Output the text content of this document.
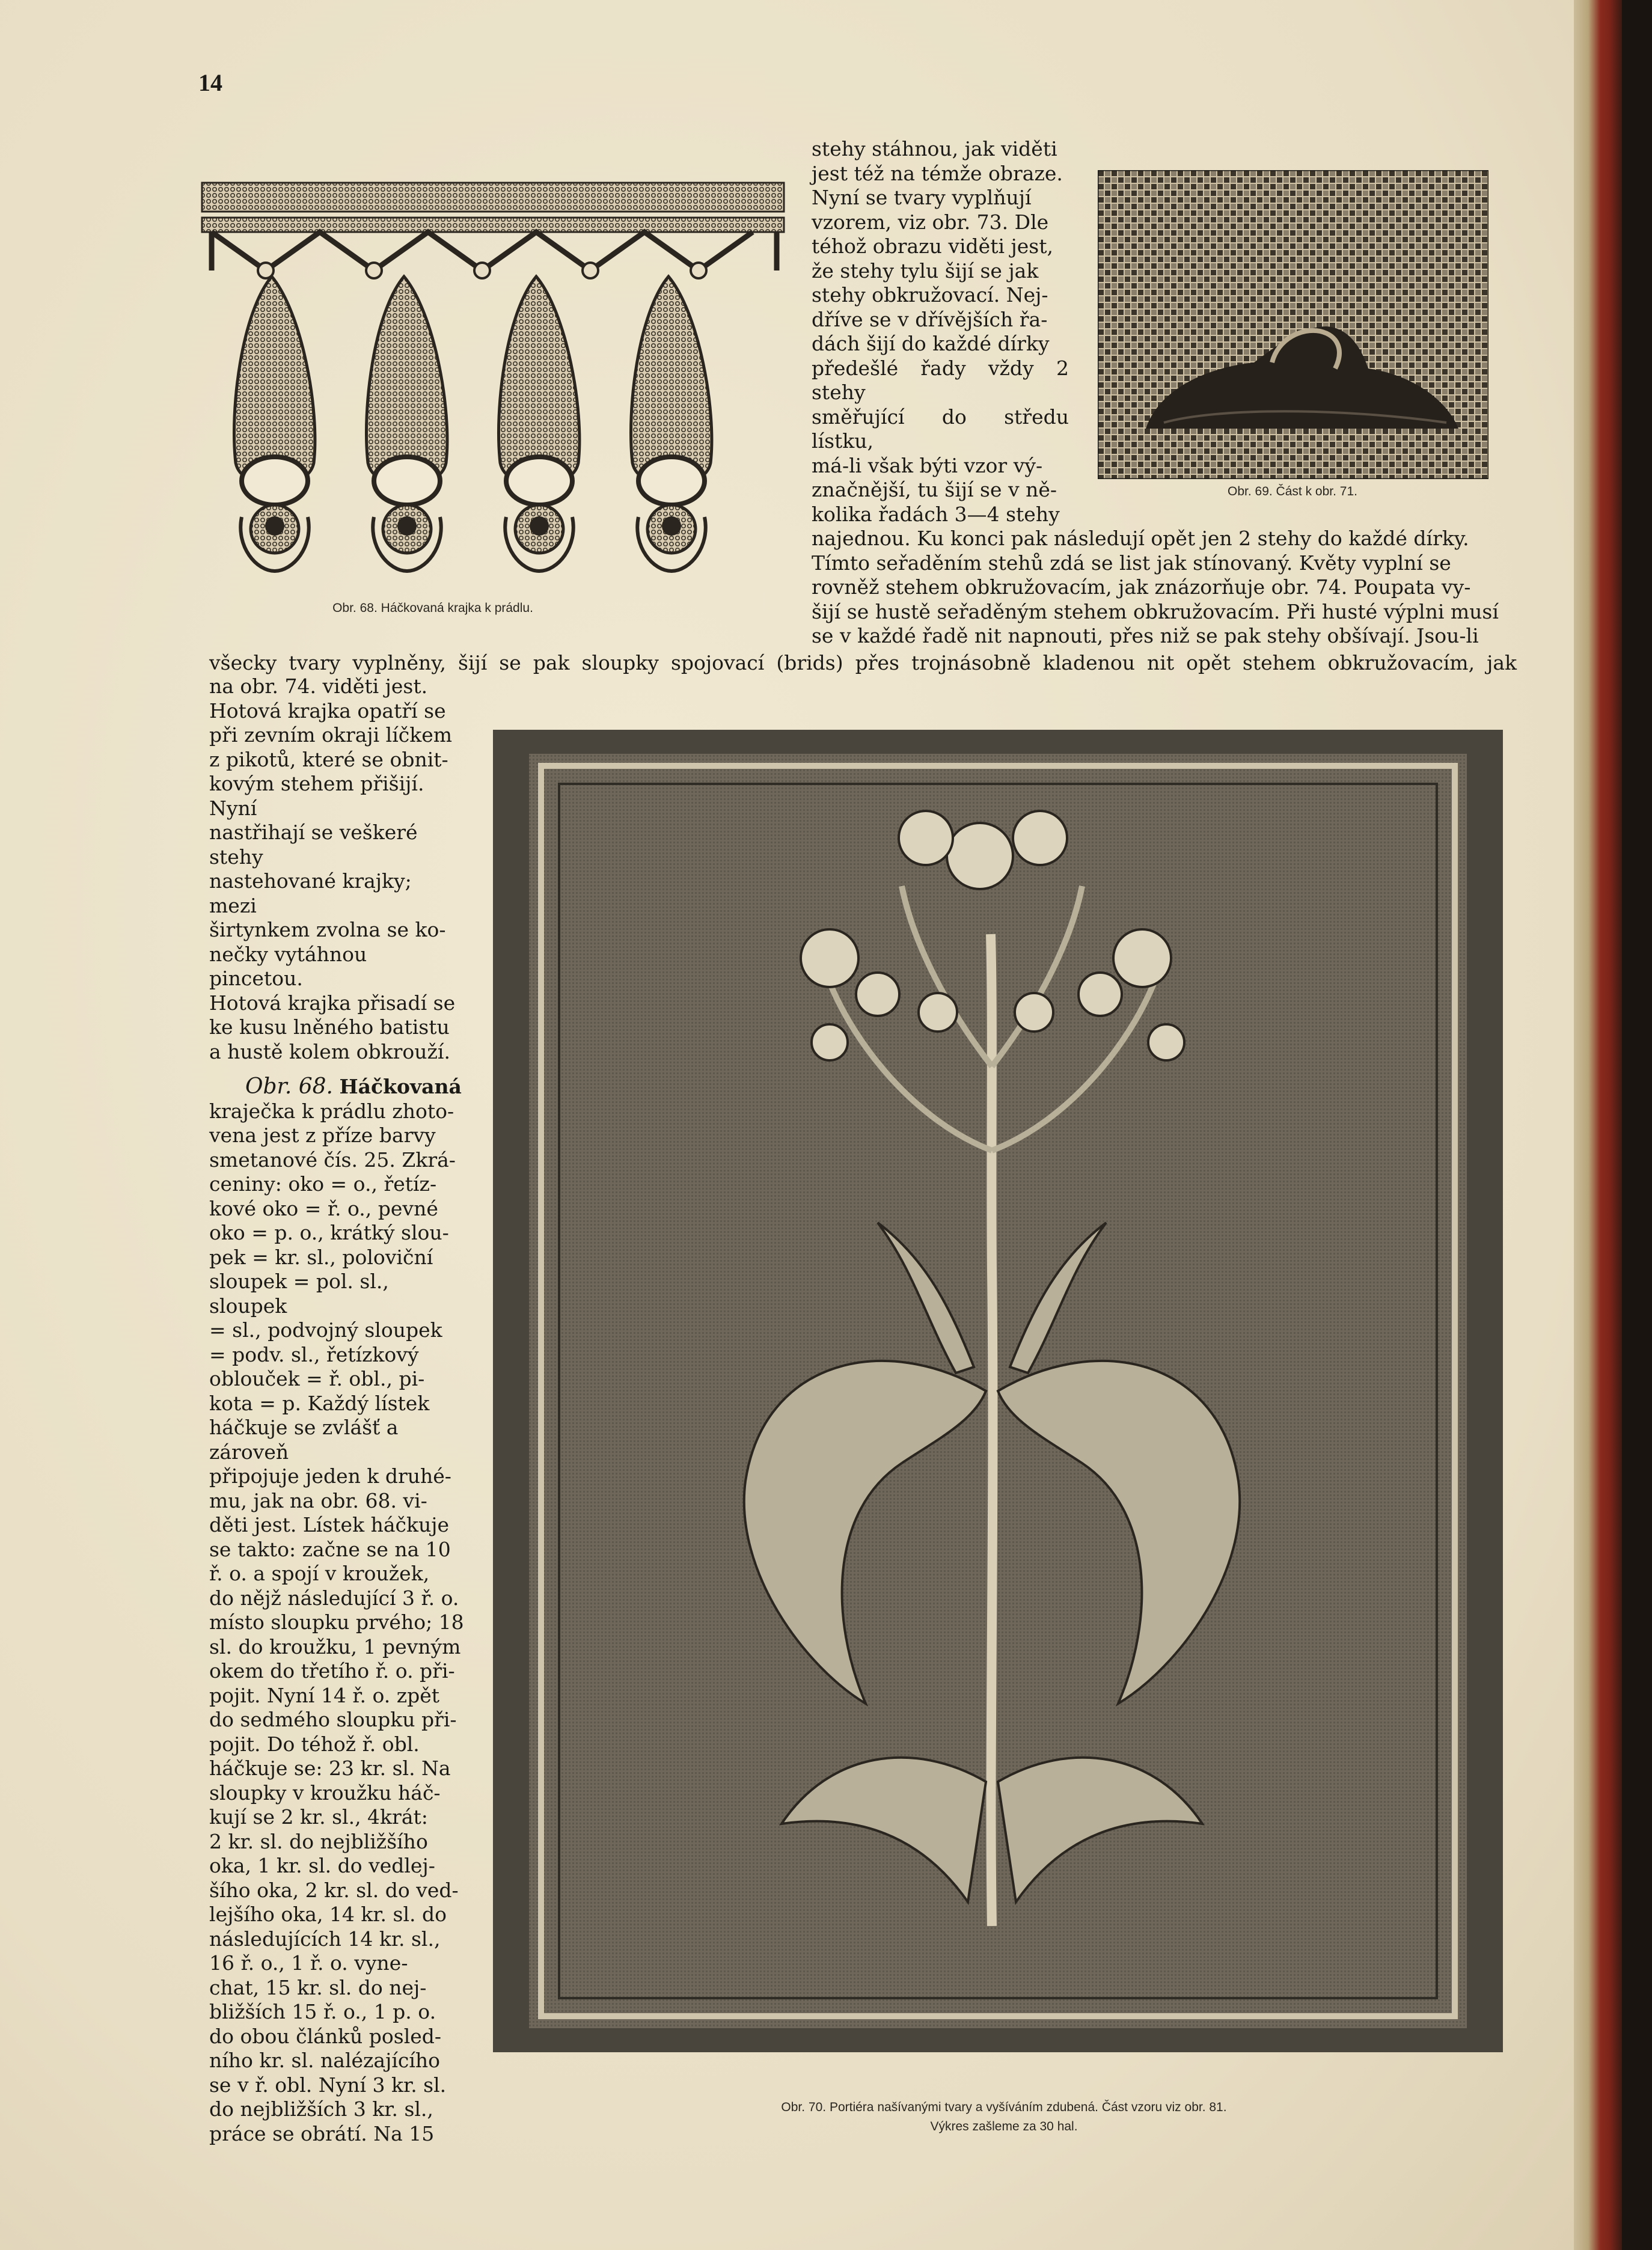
14
Obr. 68. Háčkovaná krajka k prádlu.
Obr. 69. Část k obr. 71.
stehy stáhnou, jak viděti
jest též na témže obraze.
Nyní se tvary vyplňují
vzorem, viz obr. 73. Dle
téhož obrazu viděti jest,
že stehy tylu šijí se jak
stehy obkružovací. Nej-
dříve se v dřívějších řa-
dách šijí do každé dírky
předešlé řady vždy 2 stehy
směřující do středu lístku,
má-li však býti vzor vý-
značnější, tu šijí se v ně-
kolika řadách 3—4 stehy
najednou. Ku konci pak následují opět jen 2 stehy do každé dírky.
Tímto seřaděním stehů zdá se list jak stínovaný. Květy vyplní se
rovněž stehem obkružovacím, jak znázorňuje obr. 74. Poupata vy-
šijí se hustě seřaděným stehem obkružovacím. Při husté výplni musí
se v každé řadě nit napnouti, přes niž se pak stehy obšívají. Jsou-li
všecky tvary vyplněny, šijí se pak sloupky spojovací (brids) přes trojnásobně kladenou nit opět stehem obkružovacím, jak
na obr. 74. viděti jest.
Hotová krajka opatří se
při zevním okraji líčkem
z pikotů, které se obnit-
kovým stehem přišijí. Nyní
nastřihají se veškeré stehy
nastehované krajky; mezi
širtynkem zvolna se ko-
nečky vytáhnou pincetou.
Hotová krajka přisadí se
ke kusu lněného batistu
a hustě kolem obkrouží.
Obr. 68. Háčkovaná
kraječka k prádlu zhoto-
vena jest z příze barvy
smetanové čís. 25. Zkrá-
ceniny: oko = o., řetíz-
kové oko = ř. o., pevné
oko = p. o., krátký slou-
pek = kr. sl., poloviční
sloupek = pol. sl., sloupek
= sl., podvojný sloupek
= podv. sl., řetízkový
oblouček = ř. obl., pi-
kota = p. Každý lístek
háčkuje se zvlášť a zároveň
připojuje jeden k druhé-
mu, jak na obr. 68. vi-
děti jest. Lístek háčkuje
se takto: začne se na 10
ř. o. a spojí v kroužek,
do nějž následující 3 ř. o.
místo sloupku prvého; 18
sl. do kroužku, 1 pevným
okem do třetího ř. o. při-
pojit. Nyní 14 ř. o. zpět
do sedmého sloupku při-
pojit. Do téhož ř. obl.
háčkuje se: 23 kr. sl. Na
sloupky v kroužku háč-
kují se 2 kr. sl., 4krát:
2 kr. sl. do nejbližšího
oka, 1 kr. sl. do vedlej-
šího oka, 2 kr. sl. do ved-
lejšího oka, 14 kr. sl. do
následujících 14 kr. sl.,
16 ř. o., 1 ř. o. vyne-
chat, 15 kr. sl. do nej-
bližších 15 ř. o., 1 p. o.
do obou článků posled-
ního kr. sl. nalézajícího
se v ř. obl. Nyní 3 kr. sl.
do nejbližších 3 kr. sl.,
práce se obrátí. Na 15
Obr. 70. Portiéra našívanými tvary a vyšíváním zdubená. Část vzoru viz obr. 81.
Výkres zašleme za 30 hal.
